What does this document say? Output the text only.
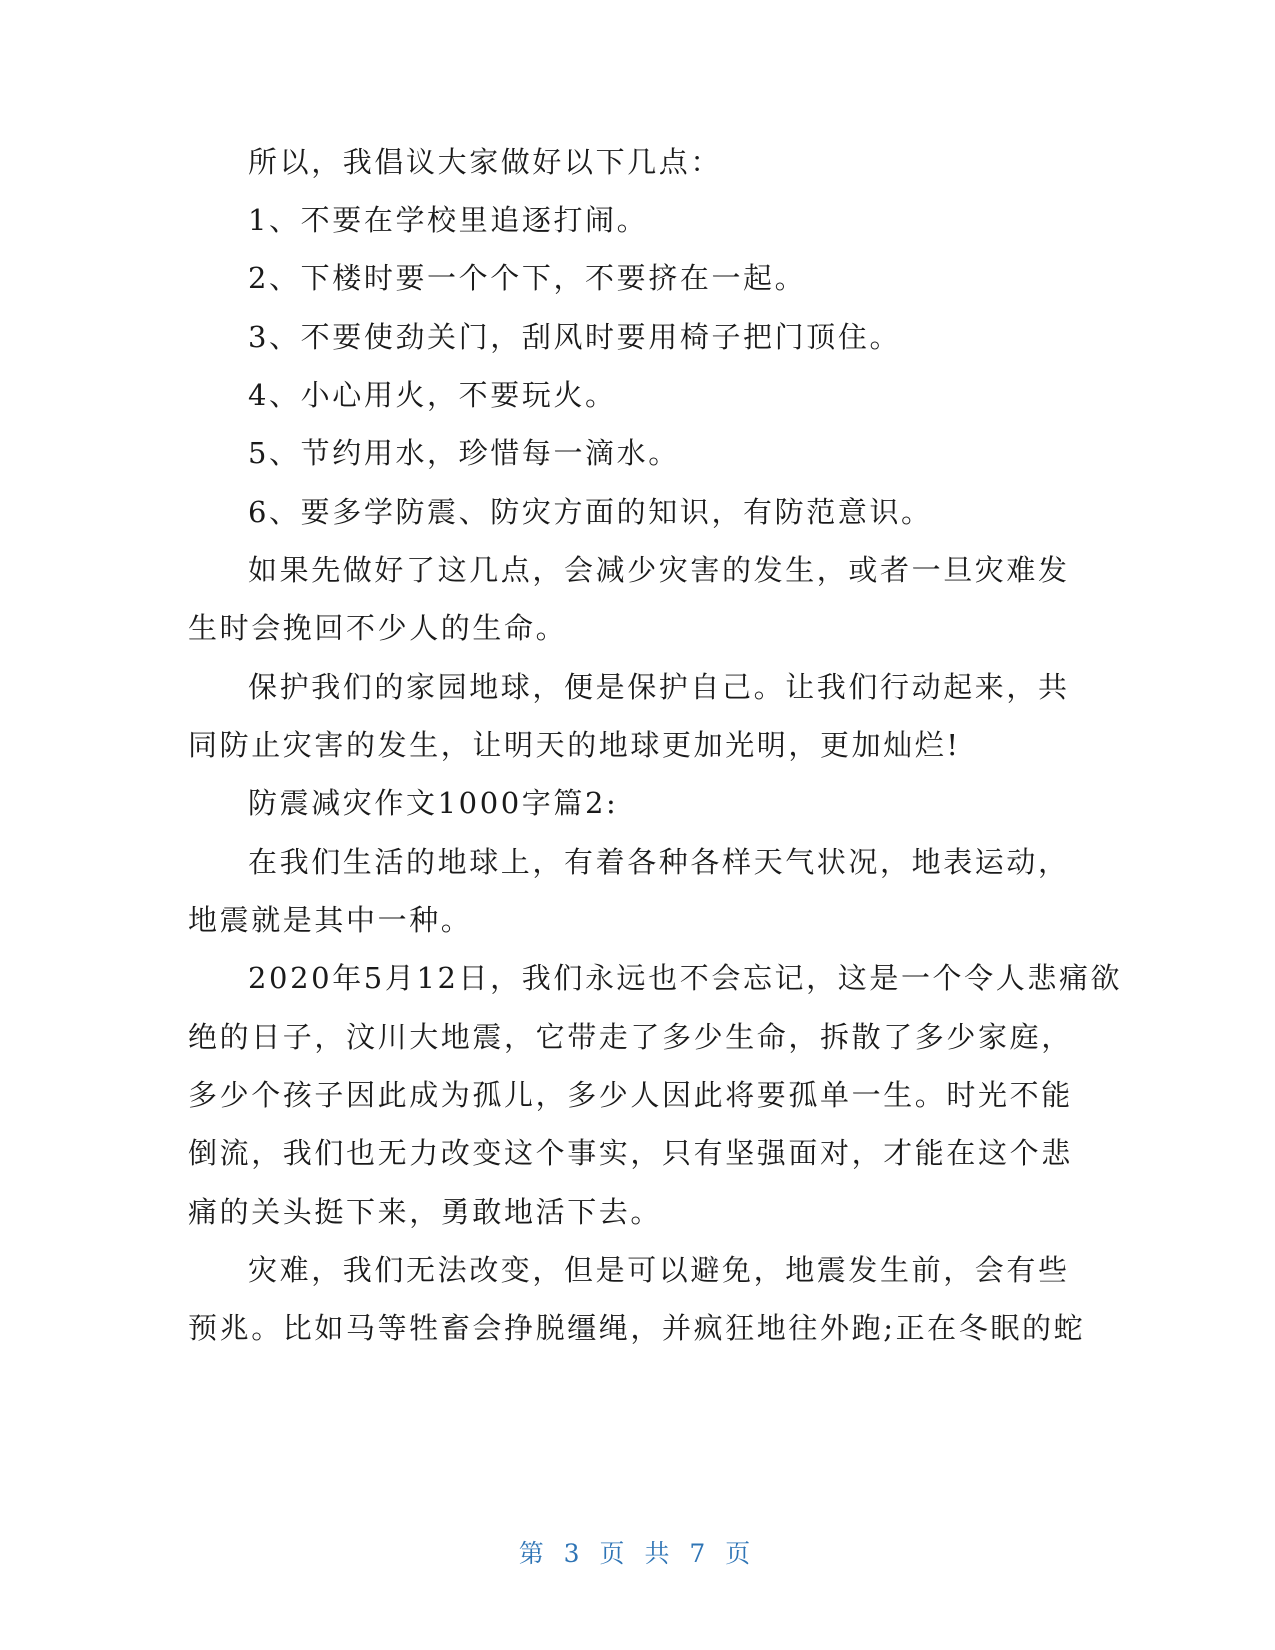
所以，我倡议大家做好以下几点：
1、不要在学校里追逐打闹。
2、下楼时要一个个下，不要挤在一起。
3、不要使劲关门，刮风时要用椅子把门顶住。
4、小心用火，不要玩火。
5、节约用水，珍惜每一滴水。
6、要多学防震、防灾方面的知识，有防范意识。
如果先做好了这几点，会减少灾害的发生，或者一旦灾难发
生时会挽回不少人的生命。
保护我们的家园地球，便是保护自己。让我们行动起来，共
同防止灾害的发生，让明天的地球更加光明，更加灿烂!
防震减灾作文1000字篇2:
在我们生活的地球上，有着各种各样天气状况，地表运动，
地震就是其中一种。
2020年5月12日，我们永远也不会忘记，这是一个令人悲痛欲
绝的日子，汶川大地震，它带走了多少生命，拆散了多少家庭，
多少个孩子因此成为孤儿，多少人因此将要孤单一生。时光不能
倒流，我们也无力改变这个事实，只有坚强面对，才能在这个悲
痛的关头挺下来，勇敢地活下去。
灾难，我们无法改变，但是可以避免，地震发生前，会有些
预兆。比如马等牲畜会挣脱缰绳，并疯狂地往外跑;正在冬眠的蛇
第 3 页 共 7 页
